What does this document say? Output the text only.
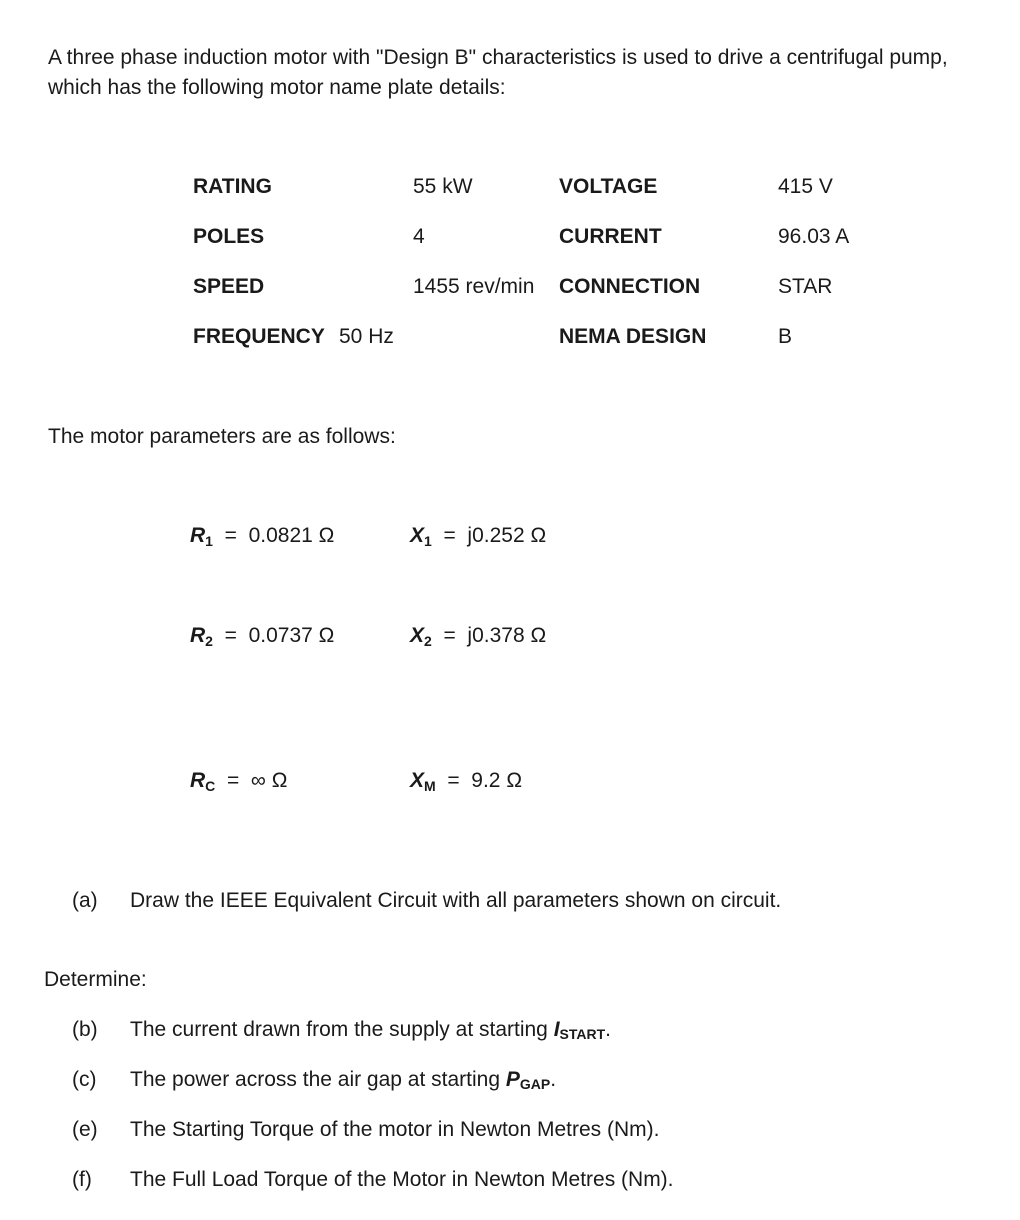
A three phase induction motor with "Design B" characteristics is used to drive a centrifugal pump, which has the following motor name plate details:
RATING	55 kW	VOLTAGE	415 V
POLES	4	CURRENT	96.03 A
SPEED	1455 rev/min CONNECTION	STAR
FREQUENCY 50 Hz	NEMA DESIGN	B
The motor parameters are as follows:
$R_1 = 0.0821$ Ω	$X_1 = j0.252$ Ω
$R_2 = 0.0737$ Ω	$X_2 = j0.378$ Ω
$R_C$ = ∞ Ω	$X_M = 9.2$ Ω
(a) Draw the IEEE Equivalent Circuit with all parameters shown on circuit.
Determine:
(b) The current drawn from the supply at starting ISTART.
(c) The power across the air gap at starting PGAP.
(e) The Starting Torque of the motor in Newton Metres (Nm).
(f) The Full Load Torque of the Motor in Newton Metres (Nm).
